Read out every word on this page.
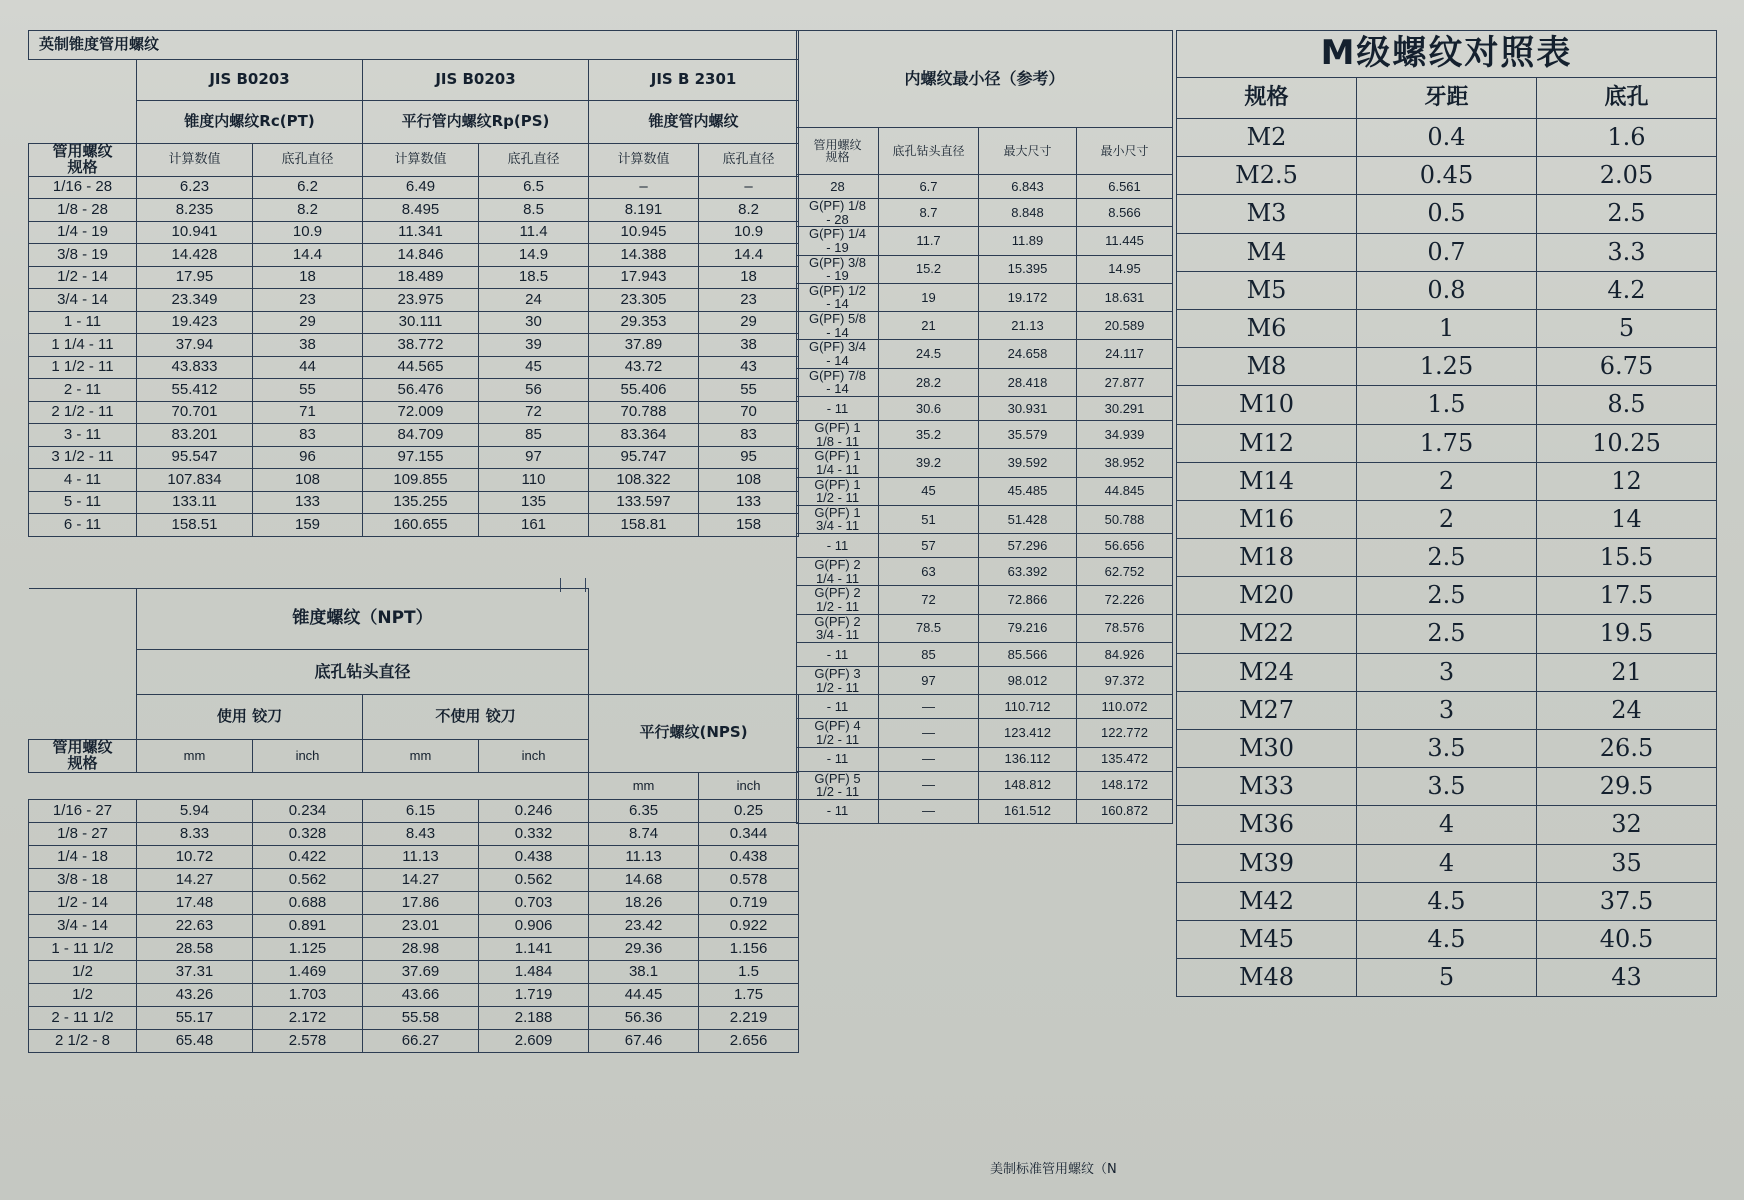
英制锥度管用螺纹						
	JIS B0203		JIS B0203		JIS B 2301	
	锥度内螺纹Rc(PT)		平行管内螺纹Rp(PS)		锥度管内螺纹	

管用螺纹
规格	计算数值	底孔直径	计算数值	底孔直径	计算数值	底孔直径
1/16 - 28	6.23	6.2	6.49	6.5	–	–
1/8 - 28	8.235	8.2	8.495	8.5	8.191	8.2
1/4 - 19	10.941	10.9	11.341	11.4	10.945	10.9
3/8 - 19	14.428	14.4	14.846	14.9	14.388	14.4
1/2 - 14	17.95	18	18.489	18.5	17.943	18
3/4 - 14	23.349	23	23.975	24	23.305	23
1 - 11	19.423	29	30.111	30	29.353	29
1 1/4 - 11	37.94	38	38.772	39	37.89	38
1 1/2 - 11	43.833	44	44.565	45	43.72	43
2 - 11	55.412	55	56.476	56	55.406	55
2 1/2 - 11	70.701	71	72.009	72	70.788	70
3 - 11	83.201	83	84.709	85	83.364	83
3 1/2 - 11	95.547	96	97.155	97	95.747	95
4 - 11	107.834	108	109.855	110	108.322	108
5 - 11	133.11	133	135.255	135	133.597	133
6 - 11	158.51	159	160.655	161	158.81	158
	锥度螺纹（NPT）					

	底孔钻头直径					
	使用 铰刀		不使用 铰刀		平行螺纹(NPS)	

管用螺纹
规格	mm	inch	mm	inch		
					mm	inch
1/16 - 27	5.94	0.234	6.15	0.246	6.35	0.25
1/8 - 27	8.33	0.328	8.43	0.332	8.74	0.344
1/4 - 18	10.72	0.422	11.13	0.438	11.13	0.438
3/8 - 18	14.27	0.562	14.27	0.562	14.68	0.578
1/2 - 14	17.48	0.688	17.86	0.703	18.26	0.719
3/4 - 14	22.63	0.891	23.01	0.906	23.42	0.922
1 - 11 1/2	28.58	1.125	28.98	1.141	29.36	1.156
1/2	37.31	1.469	37.69	1.484	38.1	1.5
1/2	43.26	1.703	43.66	1.719	44.45	1.75
2 - 11 1/2	55.17	2.172	55.58	2.188	56.36	2.219
2 1/2 - 8	65.48	2.578	66.27	2.609	67.46	2.656
内螺纹最小径（参考）			

管用螺纹
规格	底孔钻头直径	最大尺寸	最小尺寸

28	6.7	6.843	6.561

G(PF) 1/8
- 28	8.7	8.848	8.566

G(PF) 1/4
- 19	11.7	11.89	11.445

G(PF) 3/8
- 19	15.2	15.395	14.95

G(PF) 1/2
- 14	19	19.172	18.631

G(PF) 5/8
- 14	21	21.13	20.589

G(PF) 3/4
- 14	24.5	24.658	24.117

G(PF) 7/8
- 14	28.2	28.418	27.877

- 11	30.6	30.931	30.291

G(PF) 1
1/8 - 11	35.2	35.579	34.939

G(PF) 1
1/4 - 11	39.2	39.592	38.952

G(PF) 1
1/2 - 11	45	45.485	44.845

G(PF) 1
3/4 - 11	51	51.428	50.788

- 11	57	57.296	56.656

G(PF) 2
1/4 - 11	63	63.392	62.752

G(PF) 2
1/2 - 11	72	72.866	72.226

G(PF) 2
3/4 - 11	78.5	79.216	78.576

- 11	85	85.566	84.926

G(PF) 3
1/2 - 11	97	98.012	97.372

- 11	—	110.712	110.072

G(PF) 4
1/2 - 11	—	123.412	122.772

- 11	—	136.112	135.472

G(PF) 5
1/2 - 11	—	148.812	148.172

- 11	—	161.512	160.872
M级螺纹对照表		
规格	牙距	底孔
M2	0.4	1.6
M2.5	0.45	2.05
M3	0.5	2.5
M4	0.7	3.3
M5	0.8	4.2
M6	1	5
M8	1.25	6.75
M10	1.5	8.5
M12	1.75	10.25
M14	2	12
M16	2	14
M18	2.5	15.5
M20	2.5	17.5
M22	2.5	19.5
M24	3	21
M27	3	24
M30	3.5	26.5
M33	3.5	29.5
M36	4	32
M39	4	35
M42	4.5	37.5
M45	4.5	40.5
M48	5	43
美制标准管用螺纹（N
